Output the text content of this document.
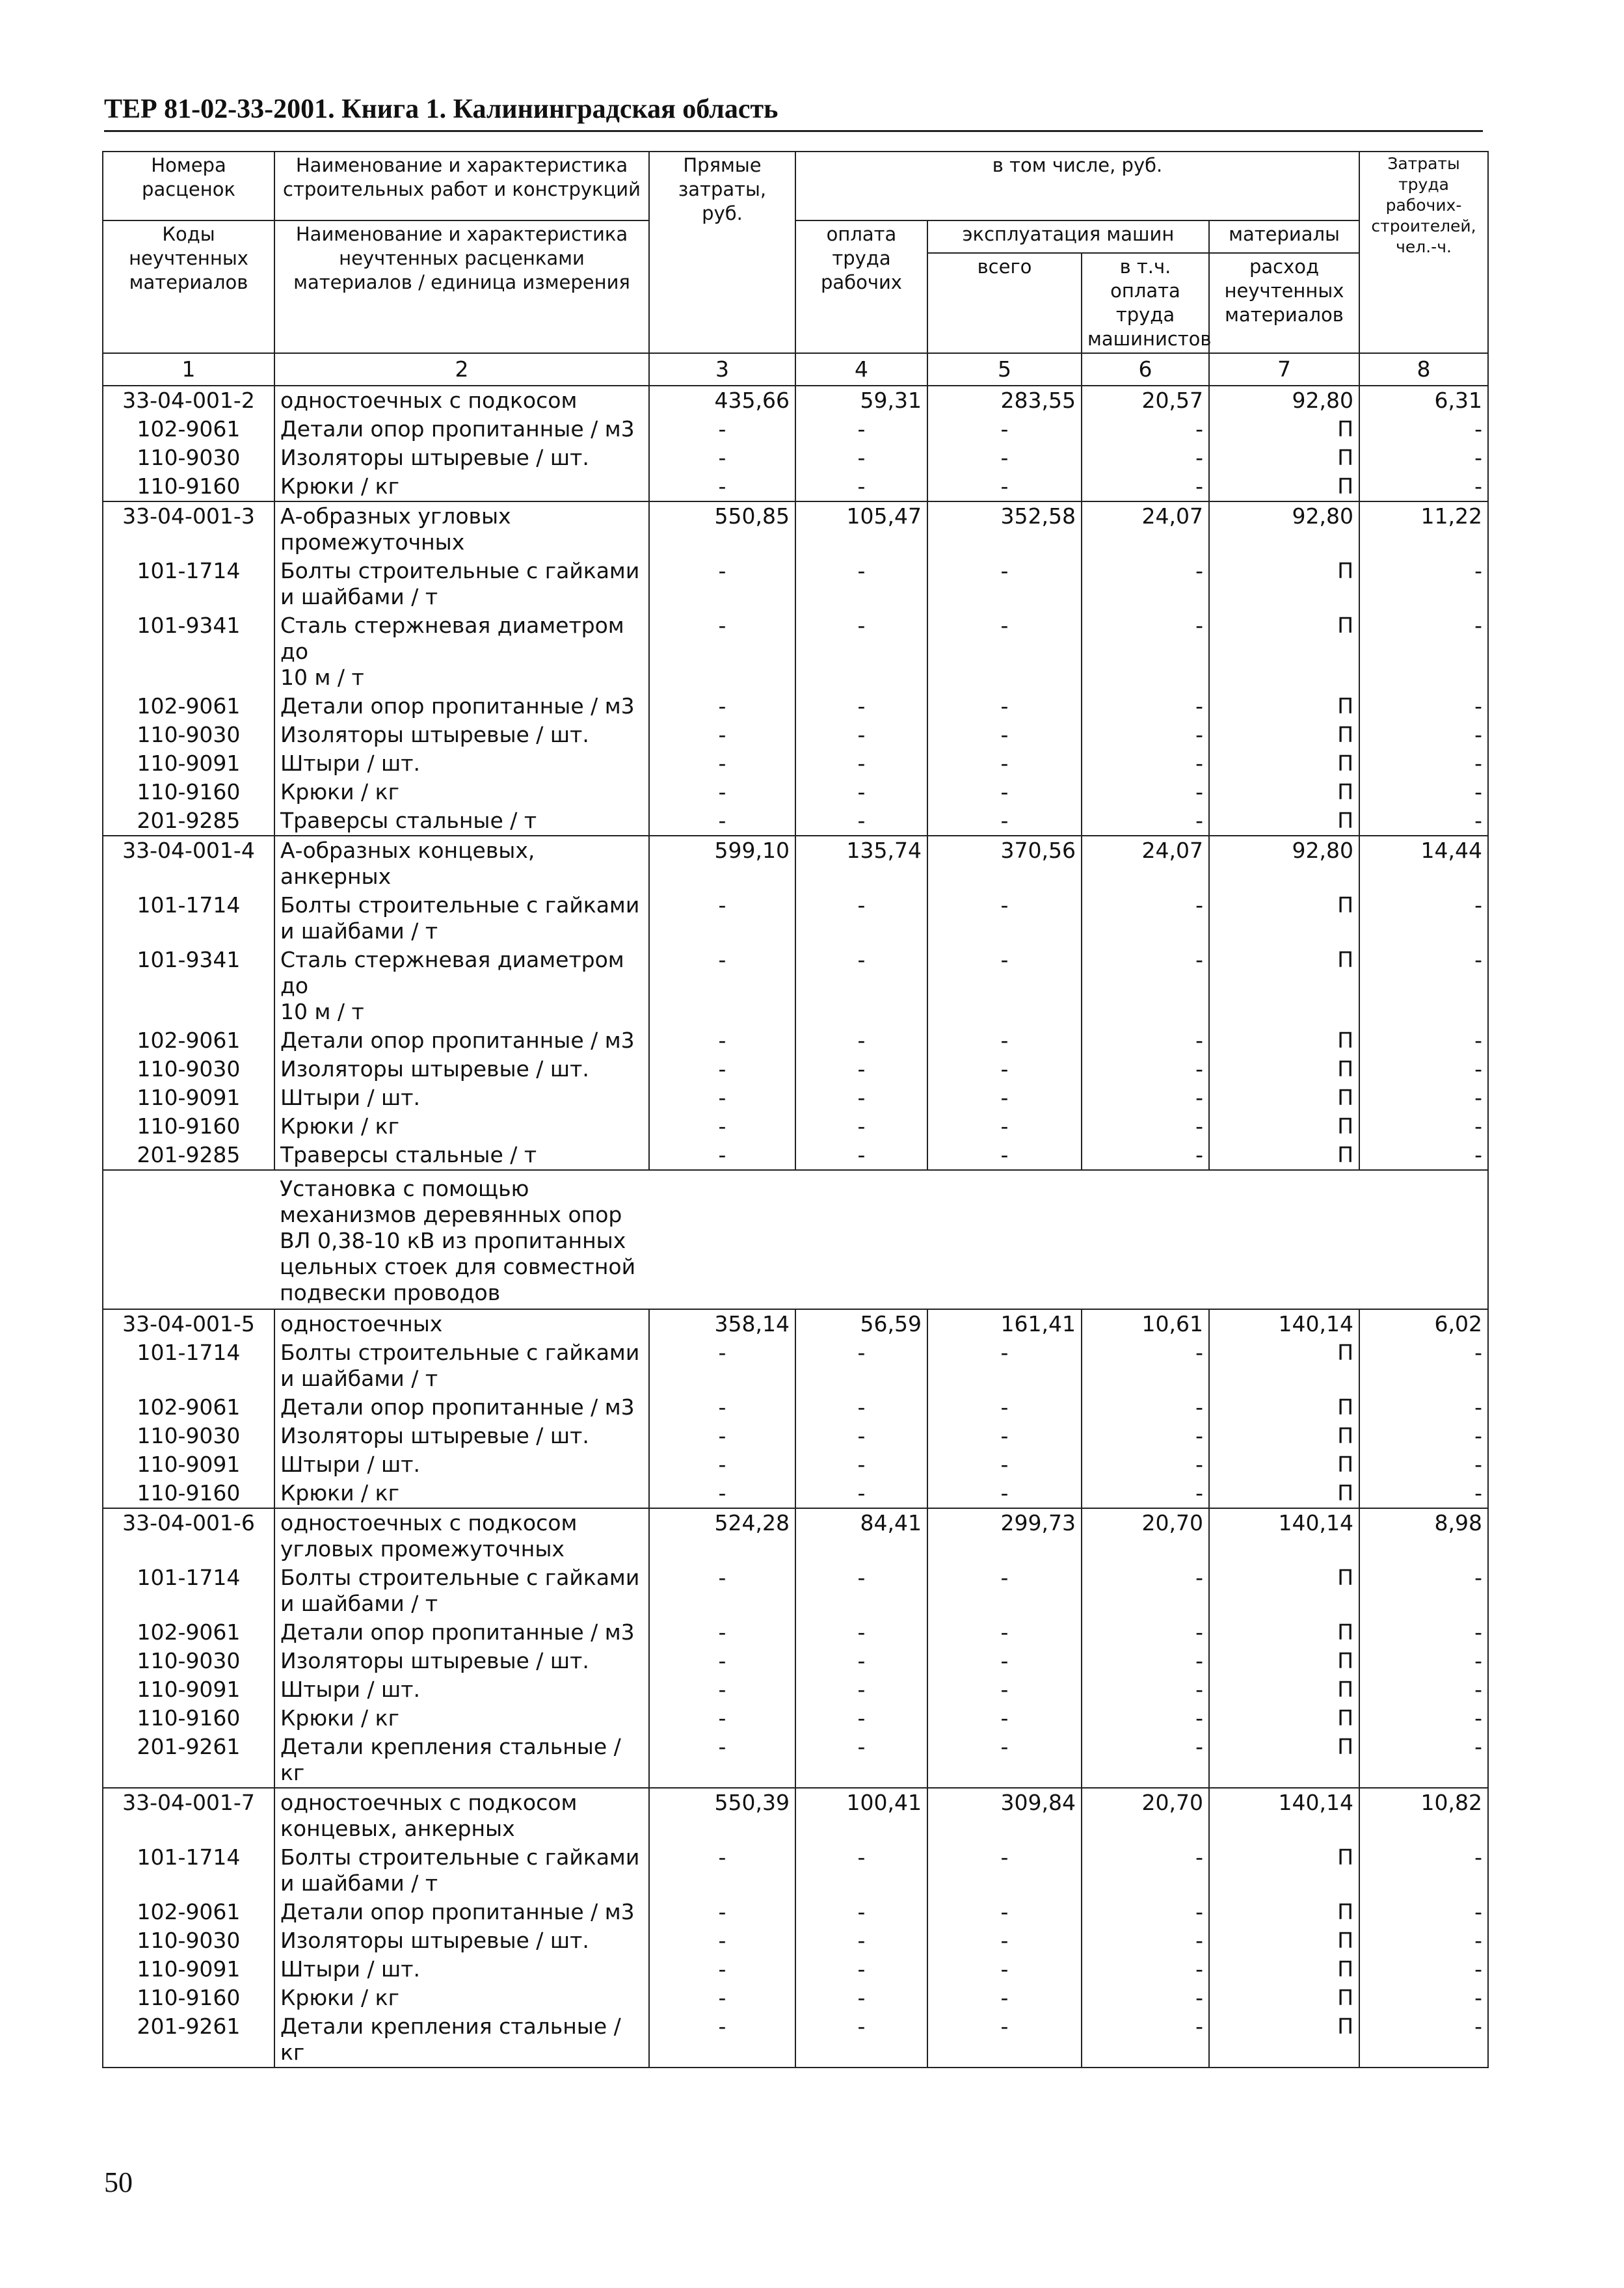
ТЕР 81-02-33-2001. Книга 1. Калининградская область
Номера расценок	Наименование и характеристика строительных работ и конструкций	Прямые затраты, руб.	в том числе, руб.				Затраты труда рабочих-строителей, чел.-ч.
Коды неучтенных материалов	Наименование и характеристика неучтенных расценками материалов / единица измерения		оплата труда рабочих	эксплуатация машин		материалы	
				всего	в т.ч. оплата труда машинистов	расход неучтенных материалов	
1	2	3	4	5	6	7	8
33-04-001-2	одностоечных с подкосом	435,66	59,31	283,55	20,57	92,80	6,31
102-9061	Детали опор пропитанные / м3	-	-	-	-	П	-
110-9030	Изоляторы штыревые / шт.	-	-	-	-	П	-
110-9160	Крюки / кг	-	-	-	-	П	-
33-04-001-3	А-образных угловых
промежуточных	550,85	105,47	352,58	24,07	92,80	11,22
101-1714	Болты строительные с гайками
и шайбами / т	-	-	-	-	П	-
101-9341	Сталь стержневая диаметром до
10 м / т	-	-	-	-	П	-
102-9061	Детали опор пропитанные / м3	-	-	-	-	П	-
110-9030	Изоляторы штыревые / шт.	-	-	-	-	П	-
110-9091	Штыри / шт.	-	-	-	-	П	-
110-9160	Крюки / кг	-	-	-	-	П	-
201-9285	Траверсы стальные / т	-	-	-	-	П	-
33-04-001-4	А-образных концевых,
анкерных	599,10	135,74	370,56	24,07	92,80	14,44
101-1714	Болты строительные с гайками
и шайбами / т	-	-	-	-	П	-
101-9341	Сталь стержневая диаметром до
10 м / т	-	-	-	-	П	-
102-9061	Детали опор пропитанные / м3	-	-	-	-	П	-
110-9030	Изоляторы штыревые / шт.	-	-	-	-	П	-
110-9091	Штыри / шт.	-	-	-	-	П	-
110-9160	Крюки / кг	-	-	-	-	П	-
201-9285	Траверсы стальные / т	-	-	-	-	П	-

	Установка с помощью
механизмов деревянных опор
ВЛ 0,38-10 кВ из пропитанных
цельных стоек для совместной
подвески проводов						

33-04-001-5	одностоечных	358,14	56,59	161,41	10,61	140,14	6,02
101-1714	Болты строительные с гайками
и шайбами / т	-	-	-	-	П	-
102-9061	Детали опор пропитанные / м3	-	-	-	-	П	-
110-9030	Изоляторы штыревые / шт.	-	-	-	-	П	-
110-9091	Штыри / шт.	-	-	-	-	П	-
110-9160	Крюки / кг	-	-	-	-	П	-
33-04-001-6	одностоечных с подкосом
угловых промежуточных	524,28	84,41	299,73	20,70	140,14	8,98
101-1714	Болты строительные с гайками
и шайбами / т	-	-	-	-	П	-
102-9061	Детали опор пропитанные / м3	-	-	-	-	П	-
110-9030	Изоляторы штыревые / шт.	-	-	-	-	П	-
110-9091	Штыри / шт.	-	-	-	-	П	-
110-9160	Крюки / кг	-	-	-	-	П	-
201-9261	Детали крепления стальные /
кг	-	-	-	-	П	-
33-04-001-7	одностоечных с подкосом
концевых, анкерных	550,39	100,41	309,84	20,70	140,14	10,82
101-1714	Болты строительные с гайками
и шайбами / т	-	-	-	-	П	-
102-9061	Детали опор пропитанные / м3	-	-	-	-	П	-
110-9030	Изоляторы штыревые / шт.	-	-	-	-	П	-
110-9091	Штыри / шт.	-	-	-	-	П	-
110-9160	Крюки / кг	-	-	-	-	П	-
201-9261	Детали крепления стальные /
кг	-	-	-	-	П	-
50
